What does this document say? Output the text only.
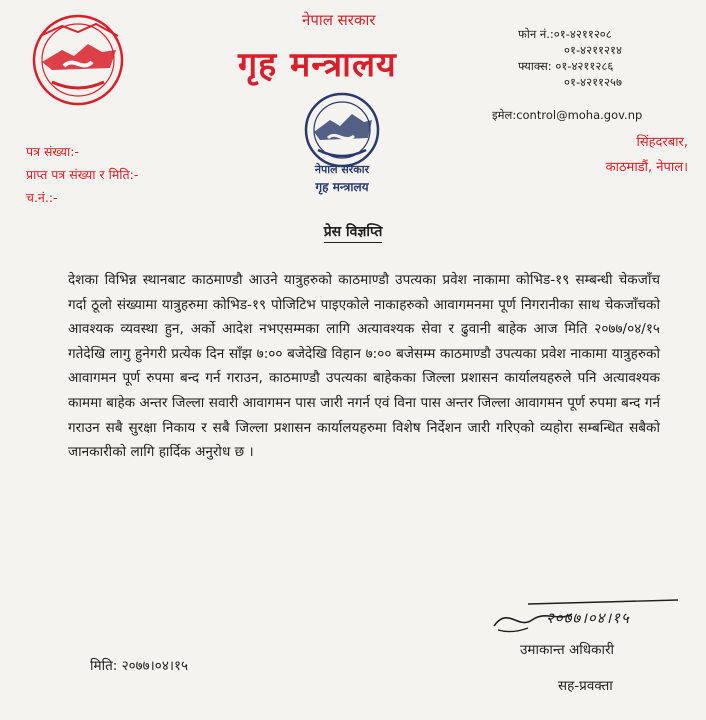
नेपाल सरकार
गृह मन्त्रालय
नेपाल सरकार
गृह मन्त्रालय
फोन नं.:०१-४२११२०८
०१-४२११२१४
फ्याक्स: ०१-४२११२८६
०१-४२११२५७
इमेल:control@moha.gov.np
पत्र संख्या:-
प्राप्त पत्र संख्या र मिति:-
च.नं.:-
सिंहदरबार,
काठमाडौं, नेपाल।
प्रेस विज्ञप्ति
देशका विभिन्न स्थानबाट काठमाण्डौ आउने यात्रुहरुको काठमाण्डौ उपत्यका प्रवेश नाकामा कोभिड-१९ सम्बन्धी चेकजाँच गर्दा ठूलो संख्यामा यात्रुहरुमा कोभिड-१९ पोजिटिभ पाइएकोले नाकाहरुको आवागमनमा पूर्ण निगरानीका साथ चेकजाँचको आवश्यक व्यवस्था हुन, अर्को आदेश नभएसम्मका लागि अत्यावश्यक सेवा र ढुवानी बाहेक आज मिति २०७७/०४/१५ गतेदेखि लागु हुनेगरी प्रत्येक दिन साँझ ७:०० बजेदेखि विहान ७:०० बजेसम्म काठमाण्डौ उपत्यका प्रवेश नाकामा यात्रुहरुको आवागमन पूर्ण रुपमा बन्द गर्न गराउन, काठमाण्डौ उपत्यका बाहेकका जिल्ला प्रशासन कार्यालयहरुले पनि अत्यावश्यक काममा बाहेक अन्तर जिल्ला सवारी आवागमन पास जारी नगर्न एवं विना पास अन्तर जिल्ला आवागमन पूर्ण रुपमा बन्द गर्न गराउन सबै सुरक्षा निकाय र सबै जिल्ला प्रशासन कार्यालयहरुमा विशेष निर्देशन जारी गरिएको व्यहोरा सम्बन्धित सबैको जानकारीको लागि हार्दिक अनुरोध छ ।
२०७७।०४।१५
मिति: २०७७।०४।१५
उमाकान्त अधिकारी
सह-प्रवक्ता
